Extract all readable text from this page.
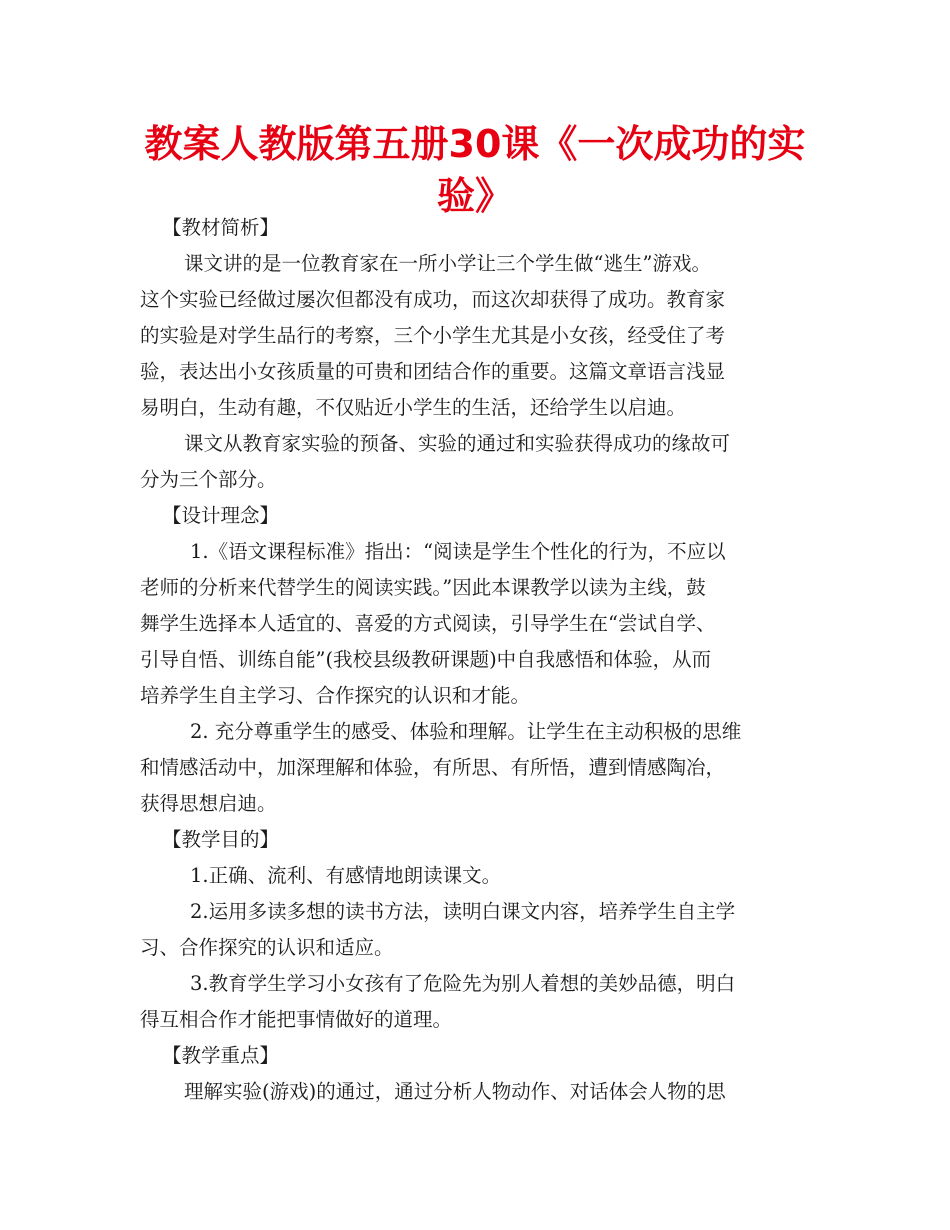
教案人教版第五册30课《一次成功的实
验》
【教材简析】
课文讲的是一位教育家在一所小学让三个学生做“逃生”游戏。
这个实验已经做过屡次但都没有成功，而这次却获得了成功。教育家
的实验是对学生品行的考察，三个小学生尤其是小女孩，经受住了考
验，表达出小女孩质量的可贵和团结合作的重要。这篇文章语言浅显
易明白，生动有趣，不仅贴近小学生的生活，还给学生以启迪。
课文从教育家实验的预备、实验的通过和实验获得成功的缘故可
分为三个部分。
【设计理念】
1.《语文课程标准》指出：“阅读是学生个性化的行为，不应以
老师的分析来代替学生的阅读实践。”因此本课教学以读为主线，鼓
舞学生选择本人适宜的、喜爱的方式阅读，引导学生在“尝试自学、
引导自悟、训练自能”(我校县级教研课题)中自我感悟和体验，从而
培养学生自主学习、合作探究的认识和才能。
2. 充分尊重学生的感受、体验和理解。让学生在主动积极的思维
和情感活动中，加深理解和体验，有所思、有所悟，遭到情感陶冶，
获得思想启迪。
【教学目的】
1.正确、流利、有感情地朗读课文。
2.运用多读多想的读书方法，读明白课文内容，培养学生自主学
习、合作探究的认识和适应。
3.教育学生学习小女孩有了危险先为别人着想的美妙品德，明白
得互相合作才能把事情做好的道理。
【教学重点】
理解实验(游戏)的通过，通过分析人物动作、对话体会人物的思
